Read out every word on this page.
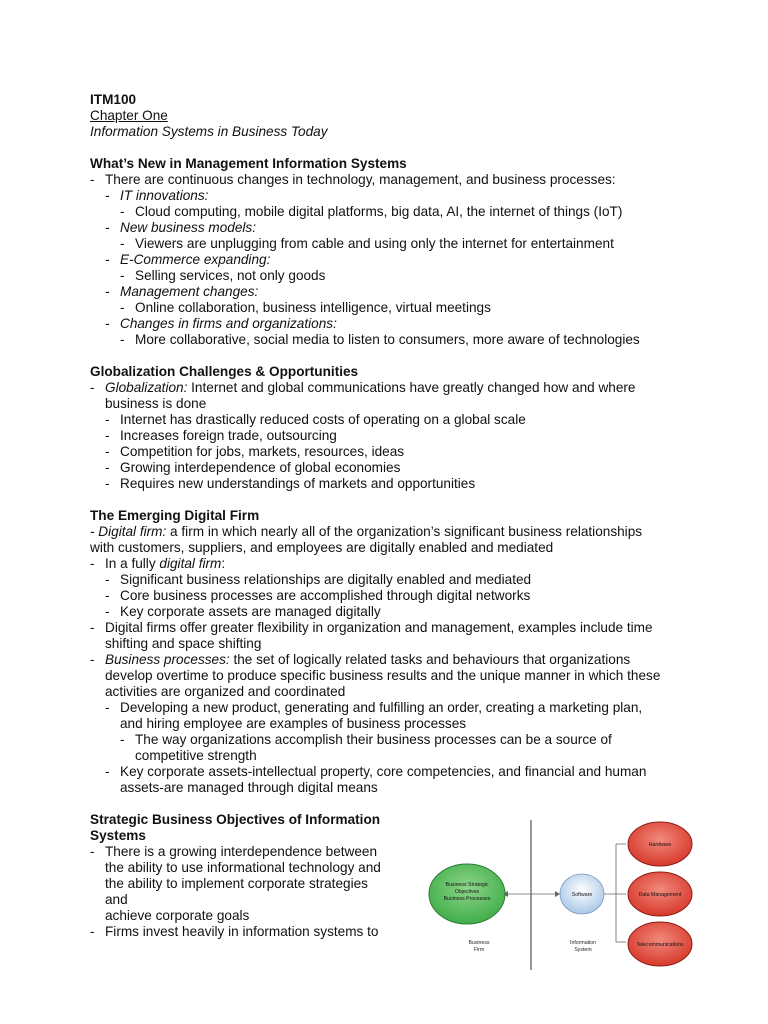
ITM100
Chapter One
Information Systems in Business Today
What’s New in Management Information Systems
- There are continuous changes in technology, management, and business processes:
- IT innovations:
- Cloud computing, mobile digital platforms, big data, AI, the internet of things (IoT)
- New business models:
- Viewers are unplugging from cable and using only the internet for entertainment
- E-Commerce expanding:
- Selling services, not only goods
- Management changes:
- Online collaboration, business intelligence, virtual meetings
- Changes in firms and organizations:
- More collaborative, social media to listen to consumers, more aware of technologies
Globalization Challenges & Opportunities
- Globalization: Internet and global communications have greatly changed how and where
business is done
- Internet has drastically reduced costs of operating on a global scale
- Increases foreign trade, outsourcing
- Competition for jobs, markets, resources, ideas
- Growing interdependence of global economies
- Requires new understandings of markets and opportunities
The Emerging Digital Firm
- Digital firm: a firm in which nearly all of the organization’s significant business relationships
with customers, suppliers, and employees are digitally enabled and mediated
- In a fully digital firm:
- Significant business relationships are digitally enabled and mediated
- Core business processes are accomplished through digital networks
- Key corporate assets are managed digitally
- Digital firms offer greater flexibility in organization and management, examples include time
shifting and space shifting
- Business processes: the set of logically related tasks and behaviours that organizations
develop overtime to produce specific business results and the unique manner in which these
activities are organized and coordinated
- Developing a new product, generating and fulfilling an order, creating a marketing plan,
and hiring employee are examples of business processes
- The way organizations accomplish their business processes can be a source of
competitive strength
- Key corporate assets-intellectual property, core competencies, and financial and human
assets-are managed through digital means
Strategic Business Objectives of Information
Systems
- There is a growing interdependence between
the ability to use informational technology and
the ability to implement corporate strategies and
achieve corporate goals
- Firms invest heavily in information systems to
Business Strategic
Objectives
Business Processes
Software
Hardware
Data Management
Telecommunications
Business
Firm
Information
System
